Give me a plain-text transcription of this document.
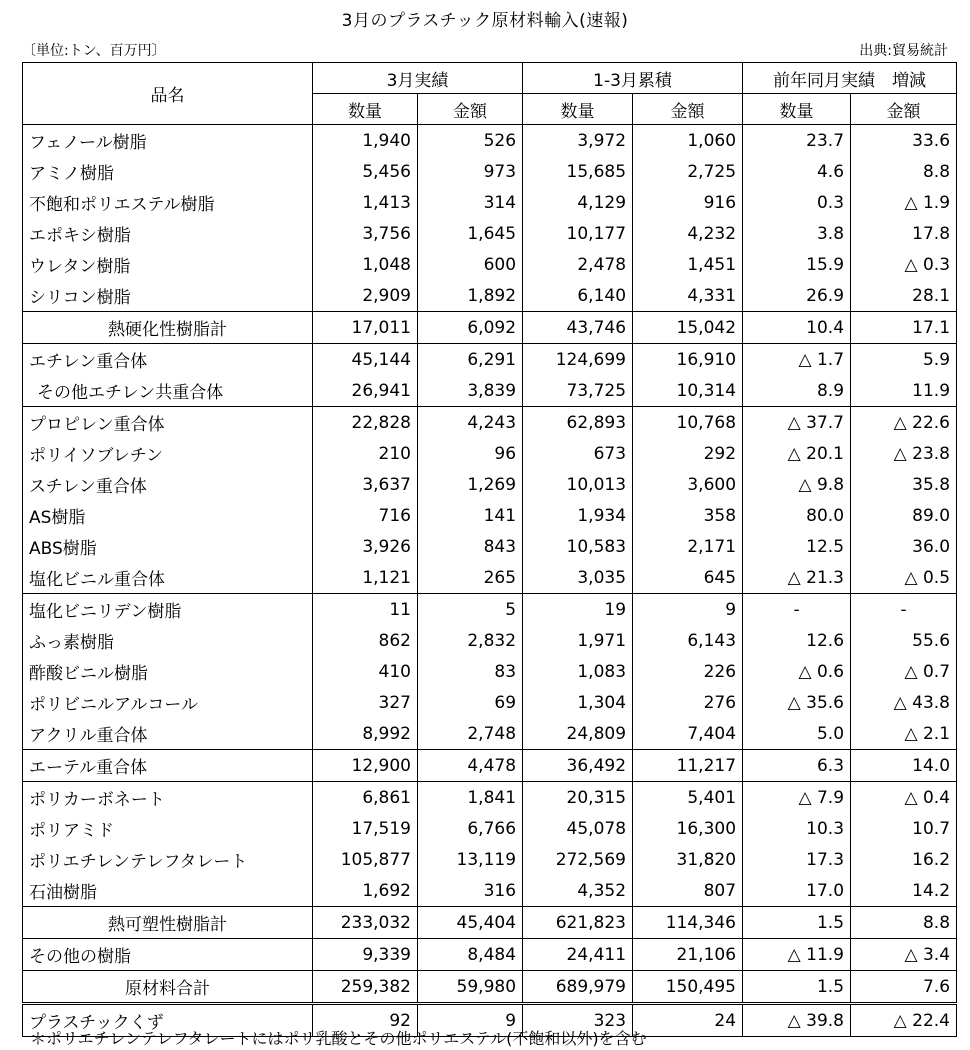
3月のプラスチック原材料輸入(速報)
〔単位:トン、百万円〕	出典:貿易統計
品名	3月実績		1-3月累積		前年同月実績　増減	
	数量	金額	数量	金額	数量	金額
フェノール樹脂	1,940	526	3,972	1,060	23.7	33.6
アミノ樹脂	5,456	973	15,685	2,725	4.6	8.8
不飽和ポリエステル樹脂	1,413	314	4,129	916	0.3	△ 1.9
エポキシ樹脂	3,756	1,645	10,177	4,232	3.8	17.8
ウレタン樹脂	1,048	600	2,478	1,451	15.9	△ 0.3
シリコン樹脂	2,909	1,892	6,140	4,331	26.9	28.1
熱硬化性樹脂計	17,011	6,092	43,746	15,042	10.4	17.1
エチレン重合体	45,144	6,291	124,699	16,910	△ 1.7	5.9
その他エチレン共重合体	26,941	3,839	73,725	10,314	8.9	11.9
プロピレン重合体	22,828	4,243	62,893	10,768	△ 37.7	△ 22.6
ポリイソブレチン	210	96	673	292	△ 20.1	△ 23.8
スチレン重合体	3,637	1,269	10,013	3,600	△ 9.8	35.8
AS樹脂	716	141	1,934	358	80.0	89.0
ABS樹脂	3,926	843	10,583	2,171	12.5	36.0
塩化ビニル重合体	1,121	265	3,035	645	△ 21.3	△ 0.5
塩化ビニリデン樹脂	11	5	19	9	-	-
ふっ素樹脂	862	2,832	1,971	6,143	12.6	55.6
酢酸ビニル樹脂	410	83	1,083	226	△ 0.6	△ 0.7
ポリビニルアルコール	327	69	1,304	276	△ 35.6	△ 43.8
アクリル重合体	8,992	2,748	24,809	7,404	5.0	△ 2.1
エーテル重合体	12,900	4,478	36,492	11,217	6.3	14.0
ポリカーボネート	6,861	1,841	20,315	5,401	△ 7.9	△ 0.4
ポリアミド	17,519	6,766	45,078	16,300	10.3	10.7
ポリエチレンテレフタレート	105,877	13,119	272,569	31,820	17.3	16.2
石油樹脂	1,692	316	4,352	807	17.0	14.2
熱可塑性樹脂計	233,032	45,404	621,823	114,346	1.5	8.8
その他の樹脂	9,339	8,484	24,411	21,106	△ 11.9	△ 3.4
原材料合計	259,382	59,980	689,979	150,495	1.5	7.6
プラスチックくず	92	9	323	24	△ 39.8	△ 22.4
＊ポリエチレンテレフタレートにはポリ乳酸とその他ポリエステル(不飽和以外)を含む
